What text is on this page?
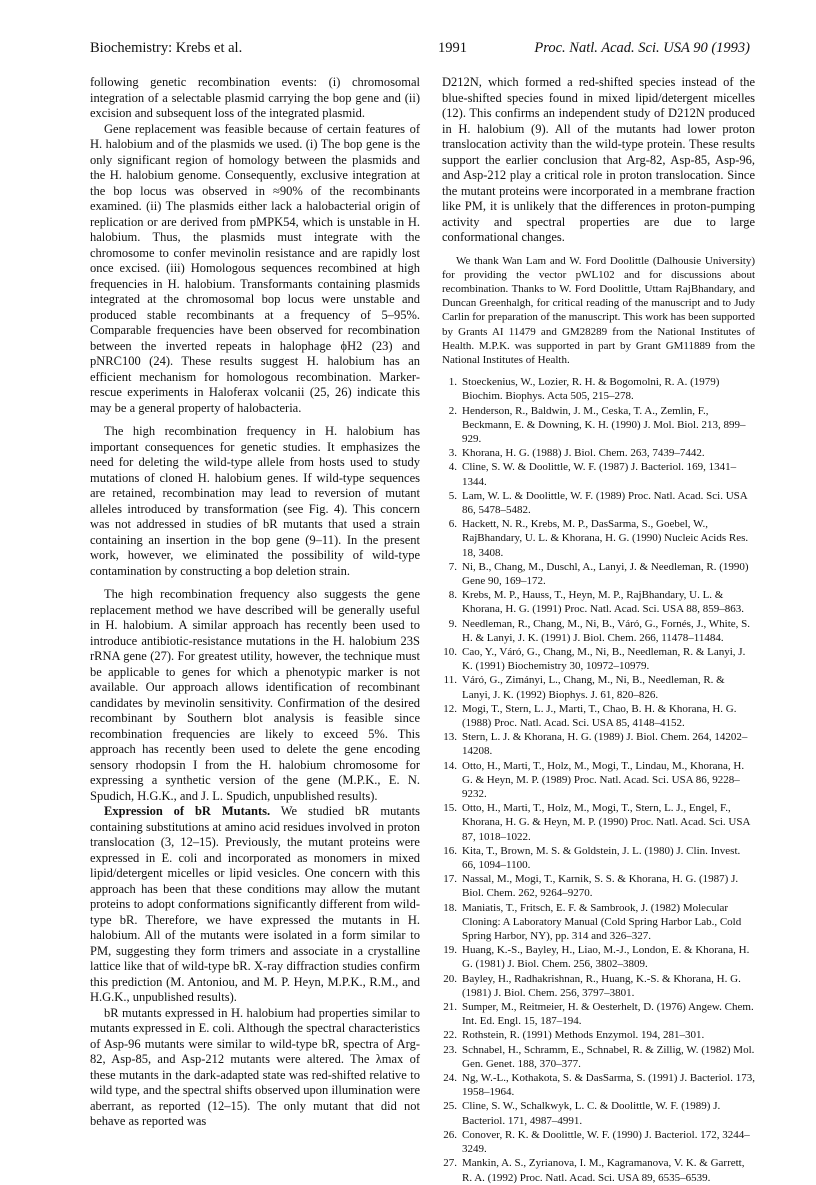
Biochemistry: Krebs et al.	1991	Proc. Natl. Acad. Sci. USA 90 (1993)

following genetic recombination events: (i) chromosomal integration of a selectable plasmid carrying the bop gene and (ii) excision and subsequent loss of the integrated plasmid.

Gene replacement was feasible because of certain features of H. halobium and of the plasmids we used. (i) The bop gene is the only significant region of homology between the plasmids and the H. halobium genome. Consequently, exclusive integration at the bop locus was observed in ≈90% of the recombinants examined. (ii) The plasmids either lack a halobacterial origin of replication or are derived from pMPK54, which is unstable in H. halobium. Thus, the plasmids must integrate with the chromosome to confer mevinolin resistance and are rapidly lost once excised. (iii) Homologous sequences recombined at high frequencies in H. halobium. Transformants containing plasmids integrated at the chromosomal bop locus were unstable and produced stable recombinants at a frequency of 5–95%. Comparable frequencies have been observed for recombination between the inverted repeats in halophage ϕH2 (23) and pNRC100 (24). These results suggest H. halobium has an efficient mechanism for homologous recombination. Marker-rescue experiments in Haloferax volcanii (25, 26) indicate this may be a general property of halobacteria.

The high recombination frequency in H. halobium has important consequences for genetic studies. It emphasizes the need for deleting the wild-type allele from hosts used to study mutations of cloned H. halobium genes. If wild-type sequences are retained, recombination may lead to reversion of mutant alleles introduced by transformation (see Fig. 4). This concern was not addressed in studies of bR mutants that used a strain containing an insertion in the bop gene (9–11). In the present work, however, we eliminated the possibility of wild-type contamination by constructing a bop deletion strain.

The high recombination frequency also suggests the gene replacement method we have described will be generally useful in H. halobium. A similar approach has recently been used to introduce antibiotic-resistance mutations in the H. halobium 23S rRNA gene (27). For greatest utility, however, the technique must be applicable to genes for which a phenotypic marker is not available. Our approach allows identification of recombinant candidates by mevinolin sensitivity. Confirmation of the desired recombinant by Southern blot analysis is feasible since recombination frequencies are likely to exceed 5%. This approach has recently been used to delete the gene encoding sensory rhodopsin I from the H. halobium chromosome for expressing a synthetic version of the gene (M.P.K., E. N. Spudich, H.G.K., and J. L. Spudich, unpublished results).

Expression of bR Mutants. We studied bR mutants containing substitutions at amino acid residues involved in proton translocation (3, 12–15). Previously, the mutant proteins were expressed in E. coli and incorporated as monomers in mixed lipid/detergent micelles or lipid vesicles. One concern with this approach has been that these conditions may allow the mutant proteins to adopt conformations significantly different from wild-type bR. Therefore, we have expressed the mutants in H. halobium. All of the mutants were isolated in a form similar to PM, suggesting they form trimers and associate in a crystalline lattice like that of wild-type bR. X-ray diffraction studies confirm this prediction (M. Antoniou, and M. P. Heyn, M.P.K., R.M., and H.G.K., unpublished results).

bR mutants expressed in H. halobium had properties similar to mutants expressed in E. coli. Although the spectral characteristics of Asp-96 mutants were similar to wild-type bR, spectra of Arg-82, Asp-85, and Asp-212 mutants were altered. The λmax of these mutants in the dark-adapted state was red-shifted relative to wild type, and the spectral shifts observed upon illumination were aberrant, as reported (12–15). The only mutant that did not behave as reported was

D212N, which formed a red-shifted species instead of the blue-shifted species found in mixed lipid/detergent micelles (12). This confirms an independent study of D212N produced in H. halobium (9). All of the mutants had lower proton translocation activity than the wild-type protein. These results support the earlier conclusion that Arg-82, Asp-85, Asp-96, and Asp-212 play a critical role in proton translocation. Since the mutant proteins were incorporated in a membrane fraction like PM, it is unlikely that the differences in proton-pumping activity and spectral properties are due to large conformational changes.

We thank Wan Lam and W. Ford Doolittle (Dalhousie University) for providing the vector pWL102 and for discussions about recombination. Thanks to W. Ford Doolittle, Uttam RajBhandary, and Duncan Greenhalgh, for critical reading of the manuscript and to Judy Carlin for preparation of the manuscript. This work has been supported by Grants AI 11479 and GM28289 from the National Institutes of Health. M.P.K. was supported in part by Grant GM11889 from the National Institutes of Health.

1. Stoeckenius, W., Lozier, R. H. & Bogomolni, R. A. (1979) Biochim. Biophys. Acta 505, 215–278.
2. Henderson, R., Baldwin, J. M., Ceska, T. A., Zemlin, F., Beckmann, E. & Downing, K. H. (1990) J. Mol. Biol. 213, 899–929.
3. Khorana, H. G. (1988) J. Biol. Chem. 263, 7439–7442.
4. Cline, S. W. & Doolittle, W. F. (1987) J. Bacteriol. 169, 1341–1344.
5. Lam, W. L. & Doolittle, W. F. (1989) Proc. Natl. Acad. Sci. USA 86, 5478–5482.
6. Hackett, N. R., Krebs, M. P., DasSarma, S., Goebel, W., RajBhandary, U. L. & Khorana, H. G. (1990) Nucleic Acids Res. 18, 3408.
7. Ni, B., Chang, M., Duschl, A., Lanyi, J. & Needleman, R. (1990) Gene 90, 169–172.
8. Krebs, M. P., Hauss, T., Heyn, M. P., RajBhandary, U. L. & Khorana, H. G. (1991) Proc. Natl. Acad. Sci. USA 88, 859–863.
9. Needleman, R., Chang, M., Ni, B., Váró, G., Fornés, J., White, S. H. & Lanyi, J. K. (1991) J. Biol. Chem. 266, 11478–11484.
10. Cao, Y., Váró, G., Chang, M., Ni, B., Needleman, R. & Lanyi, J. K. (1991) Biochemistry 30, 10972–10979.
11. Váró, G., Zimányi, L., Chang, M., Ni, B., Needleman, R. & Lanyi, J. K. (1992) Biophys. J. 61, 820–826.
12. Mogi, T., Stern, L. J., Marti, T., Chao, B. H. & Khorana, H. G. (1988) Proc. Natl. Acad. Sci. USA 85, 4148–4152.
13. Stern, L. J. & Khorana, H. G. (1989) J. Biol. Chem. 264, 14202–14208.
14. Otto, H., Marti, T., Holz, M., Mogi, T., Lindau, M., Khorana, H. G. & Heyn, M. P. (1989) Proc. Natl. Acad. Sci. USA 86, 9228–9232.
15. Otto, H., Marti, T., Holz, M., Mogi, T., Stern, L. J., Engel, F., Khorana, H. G. & Heyn, M. P. (1990) Proc. Natl. Acad. Sci. USA 87, 1018–1022.
16. Kita, T., Brown, M. S. & Goldstein, J. L. (1980) J. Clin. Invest. 66, 1094–1100.
17. Nassal, M., Mogi, T., Karnik, S. S. & Khorana, H. G. (1987) J. Biol. Chem. 262, 9264–9270.
18. Maniatis, T., Fritsch, E. F. & Sambrook, J. (1982) Molecular Cloning: A Laboratory Manual (Cold Spring Harbor Lab., Cold Spring Harbor, NY), pp. 314 and 326–327.
19. Huang, K.-S., Bayley, H., Liao, M.-J., London, E. & Khorana, H. G. (1981) J. Biol. Chem. 256, 3802–3809.
20. Bayley, H., Radhakrishnan, R., Huang, K.-S. & Khorana, H. G. (1981) J. Biol. Chem. 256, 3797–3801.
21. Sumper, M., Reitmeier, H. & Oesterhelt, D. (1976) Angew. Chem. Int. Ed. Engl. 15, 187–194.
22. Rothstein, R. (1991) Methods Enzymol. 194, 281–301.
23. Schnabel, H., Schramm, E., Schnabel, R. & Zillig, W. (1982) Mol. Gen. Genet. 188, 370–377.
24. Ng, W.-L., Kothakota, S. & DasSarma, S. (1991) J. Bacteriol. 173, 1958–1964.
25. Cline, S. W., Schalkwyk, L. C. & Doolittle, W. F. (1989) J. Bacteriol. 171, 4987–4991.
26. Conover, R. K. & Doolittle, W. F. (1990) J. Bacteriol. 172, 3244–3249.
27. Mankin, A. S., Zyrianova, I. M., Kagramanova, V. K. & Garrett, R. A. (1992) Proc. Natl. Acad. Sci. USA 89, 6535–6539.
